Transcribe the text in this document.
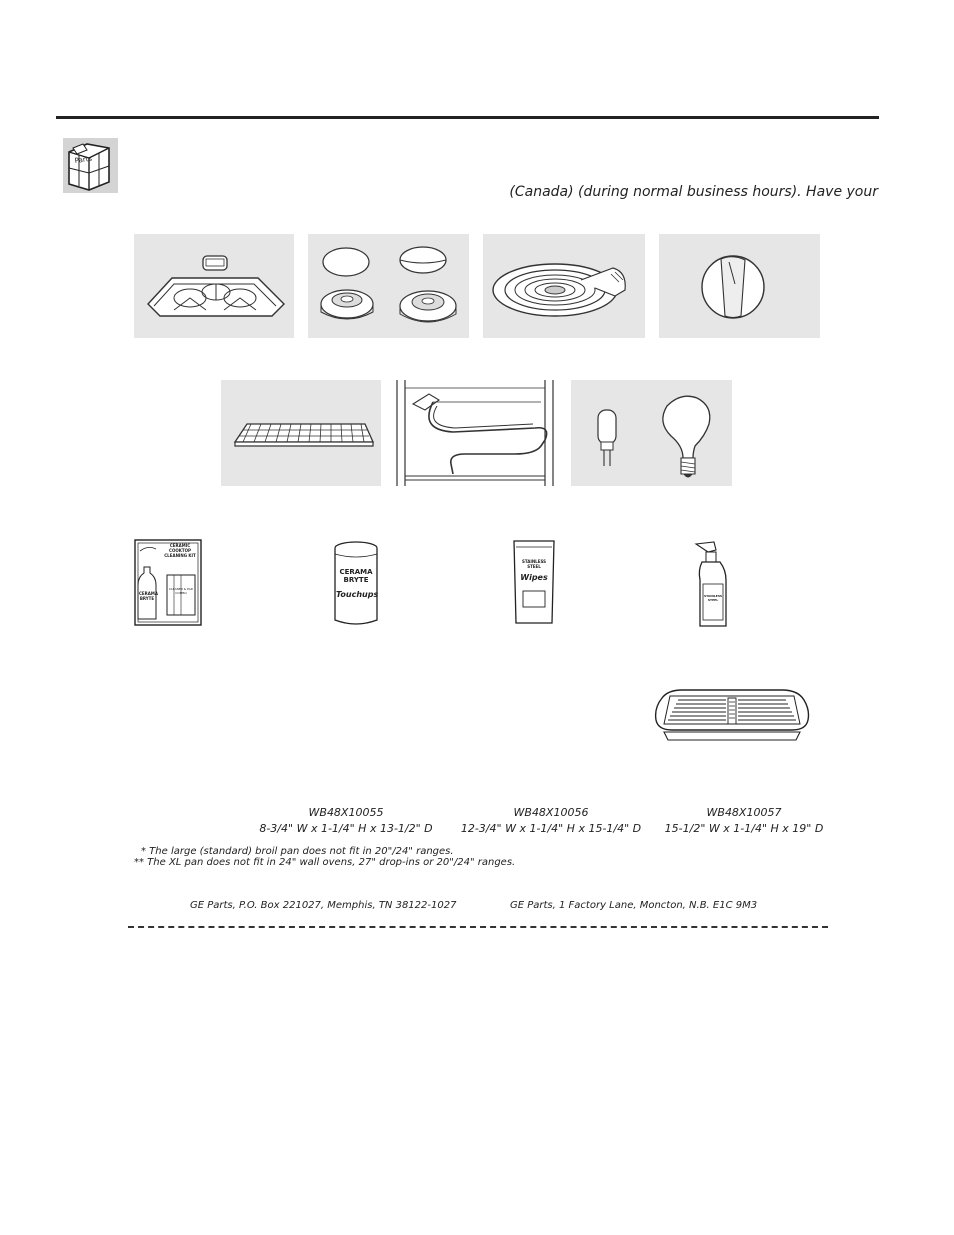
Parts
(Canada) (during normal business hours). Have your
CERAMIC COOKTOP CLEANING KIT
CERAMA BRYTE
CLEANER & PAD COMBO
CERAMA BRYTE
Touchups
STAINLESS STEEL
Wipes
STAINLESS STEEL
WB48X10055
8-3/4" W x 1-1/4" H x 13-1/2" D
WB48X10056
12-3/4" W x 1-1/4" H x 15-1/4" D
WB48X10057
15-1/2" W x 1-1/4" H x 19" D
* The large (standard) broil pan does not fit in 20"/24" ranges.
** The XL pan does not fit in 24" wall ovens, 27" drop-ins or 20"/24" ranges.
GE Parts, P.O. Box 221027, Memphis, TN 38122-1027	GE Parts, 1 Factory Lane, Moncton, N.B. E1C 9M3
